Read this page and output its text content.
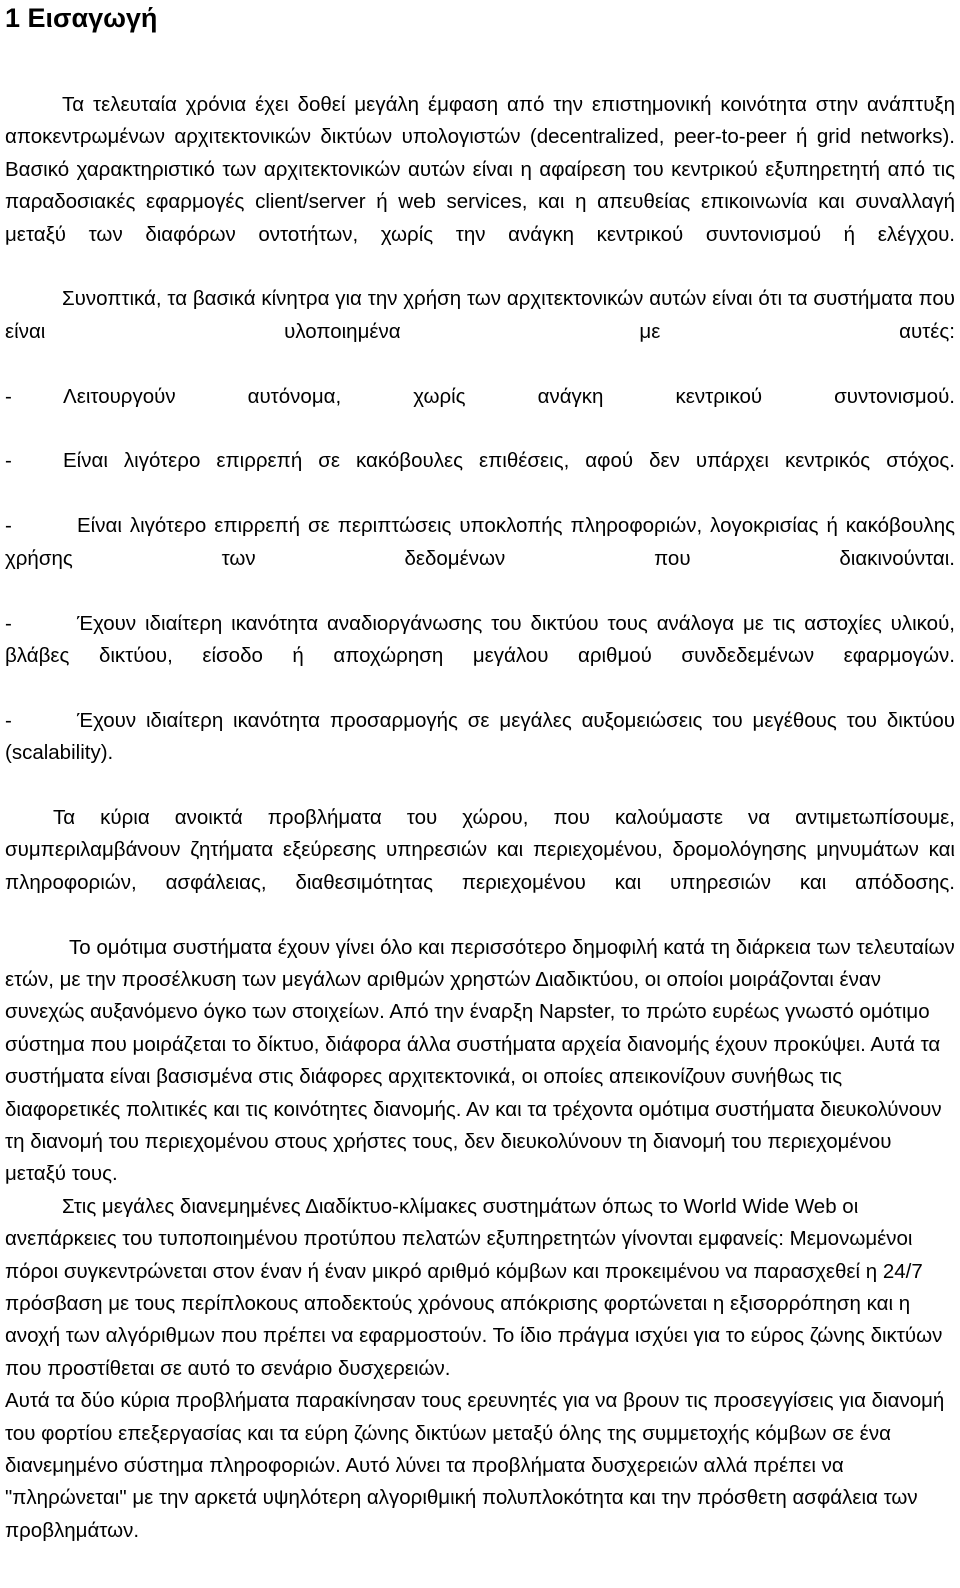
1 Εισαγωγή

Τα τελευταία χρόνια έχει δοθεί μεγάλη έμφαση από την επιστημονική κοινότητα στην ανάπτυξη αποκεντρωμένων αρχιτεκτονικών δικτύων υπολογιστών (decentralized, peer-to-peer ή grid networks). Βασικό χαρακτηριστικό των αρχιτεκτονικών αυτών είναι η αφαίρεση του κεντρικού εξυπηρετητή από τις παραδοσιακές εφαρμογές client/server ή web services, και η απευθείας επικοινωνία και συναλλαγή μεταξύ των διαφόρων οντοτήτων, χωρίς την ανάγκη κεντρικού συντονισμού ή ελέγχου.

Συνοπτικά, τα βασικά κίνητρα για την χρήση των αρχιτεκτονικών αυτών είναι ότι τα συστήματα που είναι υλοποιημένα με αυτές:

- Λειτουργούν αυτόνομα, χωρίς ανάγκη κεντρικού συντονισμού.

- Είναι λιγότερο επιρρεπή σε κακόβουλες επιθέσεις, αφού δεν υπάρχει κεντρικός στόχος.

-	Είναι λιγότερο επιρρεπή σε περιπτώσεις υποκλοπής πληροφοριών, λογοκρισίας ή κακόβουλης χρήσης των δεδομένων που διακινούνται.

-	Έχουν ιδιαίτερη ικανότητα αναδιοργάνωσης του δικτύου τους ανάλογα με τις αστοχίες υλικού, βλάβες δικτύου, είσοδο ή αποχώρηση μεγάλου αριθμού συνδεδεμένων εφαρμογών.

-	Έχουν ιδιαίτερη ικανότητα προσαρμογής σε μεγάλες αυξομειώσεις του μεγέθους του δικτύου (scalability).

Τα κύρια ανοικτά προβλήματα του χώρου, που καλούμαστε να αντιμετωπίσουμε, συμπεριλαμβάνουν ζητήματα εξεύρεσης υπηρεσιών και περιεχομένου, δρομολόγησης μηνυμάτων και πληροφοριών, ασφάλειας, διαθεσιμότητας περιεχομένου και υπηρεσιών και απόδοσης.

Το ομότιμα συστήματα έχουν γίνει όλο και περισσότερο δημοφιλή κατά τη διάρκεια των τελευταίων ετών, με την προσέλκυση των μεγάλων αριθμών χρηστών Διαδικτύου, οι οποίοι μοιράζονται έναν συνεχώς αυξανόμενο όγκο των στοιχείων. Από την έναρξη Napster, το πρώτο ευρέως γνωστό ομότιμο σύστημα που μοιράζεται το δίκτυο, διάφορα άλλα συστήματα αρχεία διανομής έχουν προκύψει. Αυτά τα συστήματα είναι βασισμένα στις διάφορες αρχιτεκτονικά, οι οποίες απεικονίζουν συνήθως τις διαφορετικές πολιτικές και τις κοινότητες διανομής. Αν και τα τρέχοντα ομότιμα συστήματα διευκολύνουν τη διανομή του περιεχομένου στους χρήστες τους, δεν διευκολύνουν τη διανομή του περιεχομένου μεταξύ τους.

Στις μεγάλες διανεμημένες Διαδίκτυο-κλίμακες συστημάτων όπως το World Wide Web οι ανεπάρκειες του τυποποιημένου προτύπου πελατών εξυπηρετητών γίνονται εμφανείς: Μεμονωμένοι πόροι συγκεντρώνεται στον έναν ή έναν μικρό αριθμό κόμβων και προκειμένου να παρασχεθεί η 24/7 πρόσβαση με τους περίπλοκους αποδεκτούς χρόνους απόκρισης φορτώνεται η εξισορρόπηση και η ανοχή των αλγόριθμων που πρέπει να εφαρμοστούν. Το ίδιο πράγμα ισχύει για το εύρος ζώνης δικτύων που προστίθεται σε αυτό το σενάριο δυσχερειών.

Αυτά τα δύο κύρια προβλήματα παρακίνησαν τους ερευνητές για να βρουν τις προσεγγίσεις για διανομή του φορτίου επεξεργασίας και τα εύρη ζώνης δικτύων μεταξύ όλης της συμμετοχής κόμβων σε ένα διανεμημένο σύστημα πληροφοριών. Αυτό λύνει τα προβλήματα δυσχερειών αλλά πρέπει να "πληρώνεται" με την αρκετά υψηλότερη αλγοριθμική πολυπλοκότητα και την πρόσθετη ασφάλεια των προβλημάτων.
